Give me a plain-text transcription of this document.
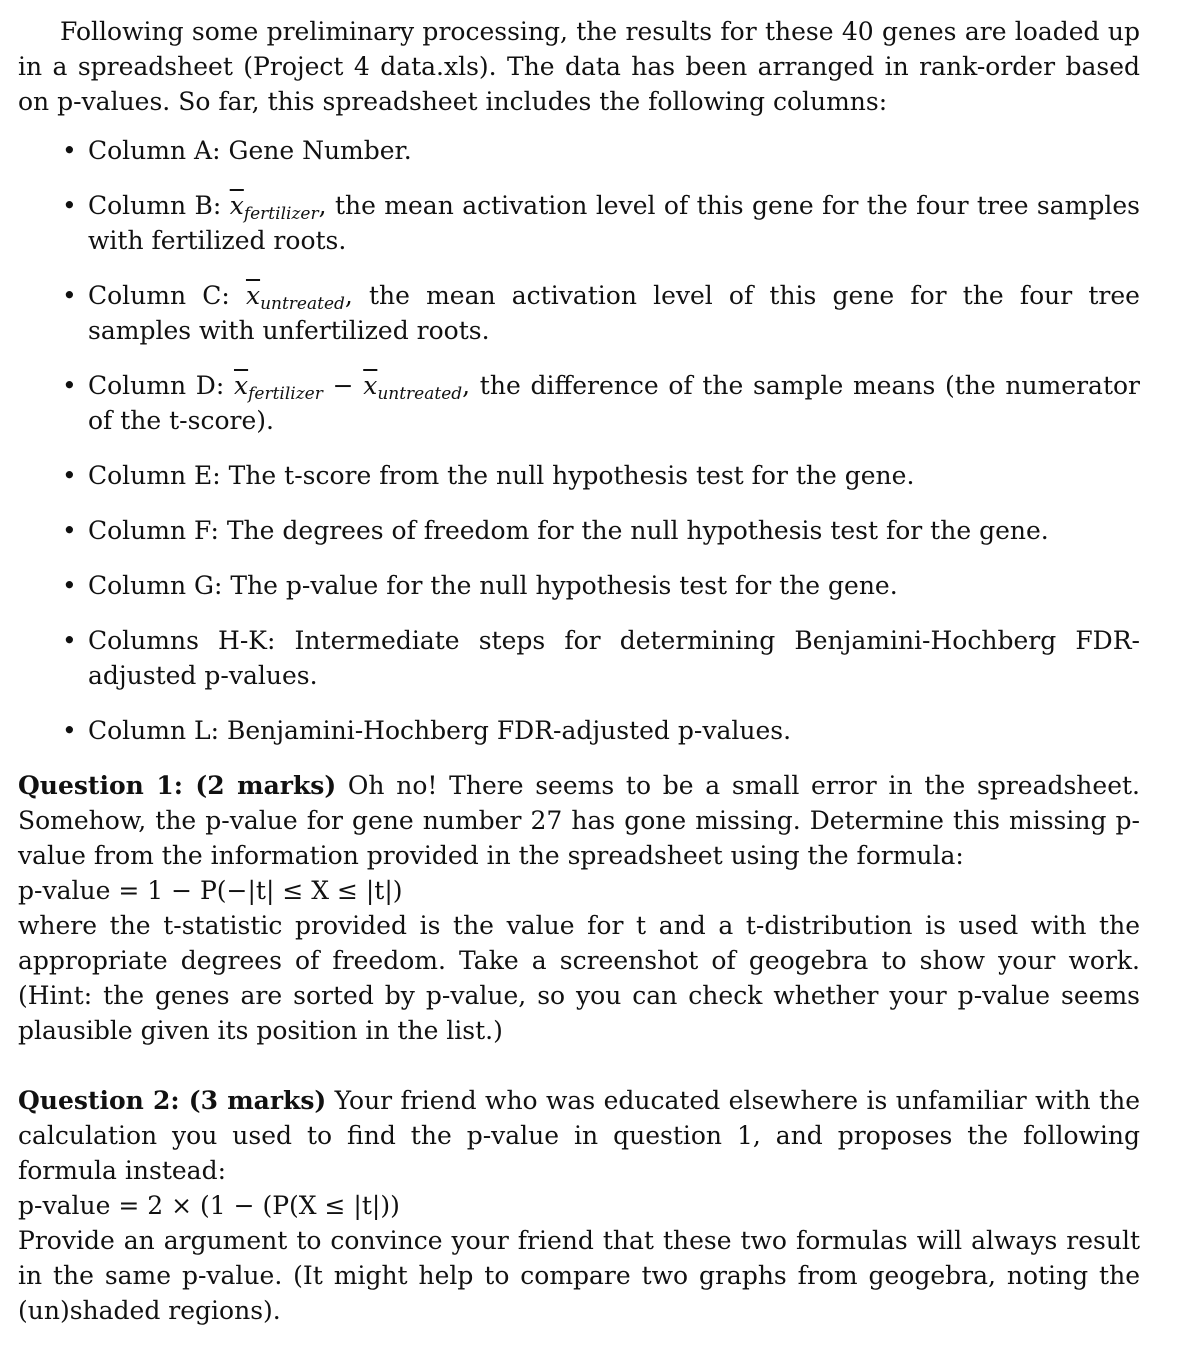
Following some preliminary processing, the results for these 40 genes are loaded up in a spreadsheet (Project 4 data.xls). The data has been arranged in rank-order based on p-values. So far, this spreadsheet includes the following columns:

• Column A: Gene Number.
• Column B: $\overline{x}_{fertilizer}$, the mean activation level of this gene for the four tree samples with fertilized roots.
• Column C: $\overline{x}_{untreated}$, the mean activation level of this gene for the four tree samples with unfertilized roots.
• Column D: $\overline{x}_{fertilizer} - \overline{x}_{untreated}$, the difference of the sample means (the numerator of the t-score).
• Column E: The t-score from the null hypothesis test for the gene.
• Column F: The degrees of freedom for the null hypothesis test for the gene.
• Column G: The p-value for the null hypothesis test for the gene.
• Columns H-K: Intermediate steps for determining Benjamini-Hochberg FDR-adjusted p-values.
• Column L: Benjamini-Hochberg FDR-adjusted p-values.

Question 1: (2 marks) Oh no! There seems to be a small error in the spreadsheet. Somehow, the p-value for gene number 27 has gone missing. Determine this missing p-value from the information provided in the spreadsheet using the formula:

p-value = 1 − P(−|t| ≤ X ≤ |t|)

where the t-statistic provided is the value for t and a t-distribution is used with the appropriate degrees of freedom. Take a screenshot of geogebra to show your work. (Hint: the genes are sorted by p-value, so you can check whether your p-value seems plausible given its position in the list.)

Question 2: (3 marks) Your friend who was educated elsewhere is unfamiliar with the calculation you used to find the p-value in question 1, and proposes the following formula instead:

p-value = 2 × (1 − (P(X ≤ |t|))

Provide an argument to convince your friend that these two formulas will always result in the same p-value. (It might help to compare two graphs from geogebra, noting the (un)shaded regions).
